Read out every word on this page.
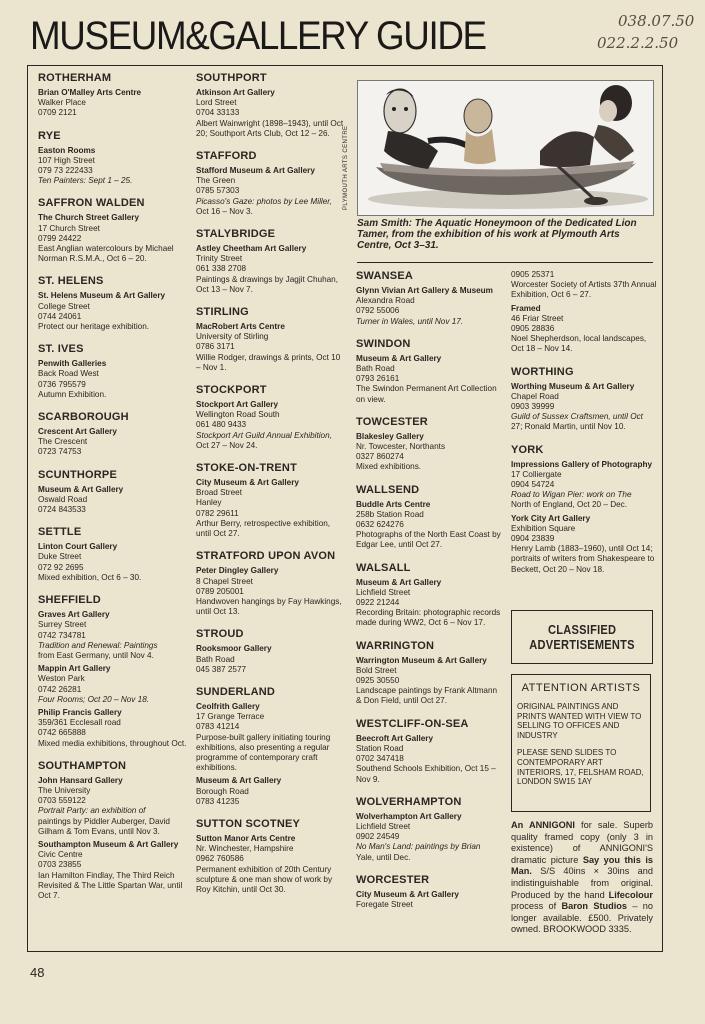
MUSEUM&GALLERY GUIDE	038.07.50
022.2.2.50
ROTHERHAM
Brian O'Malley Arts Centre
Walker Place
0709 2121
RYE
Easton Rooms
107 High Street
079 73 222433
Ten Painters: Sept 1 – 25.
SAFFRON WALDEN
The Church Street Gallery
17 Church Street
0799 24422
East Anglian watercolours by Michael Norman R.S.M.A., Oct 6 – 20.
ST. HELENS
St. Helens Museum & Art Gallery
College Street
0744 24061
Protect our heritage exhibition.
ST. IVES
Penwith Galleries
Back Road West
0736 795579
Autumn Exhibition.
SCARBOROUGH
Crescent Art Gallery
The Crescent
0723 74753
SCUNTHORPE
Museum & Art Gallery
Oswald Road
0724 843533
SETTLE
Linton Court Gallery
Duke Street
072 92 2695
Mixed exhibition, Oct 6 – 30.
SHEFFIELD
Graves Art Gallery
Surrey Street
0742 734781
Tradition and Renewal: Paintings
from East Germany, until Nov 4.
Mappin Art Gallery
Weston Park
0742 26281
Four Rooms; Oct 20 – Nov 18.
Philip Francis Gallery
359/361 Ecclesall road
0742 665888
Mixed media exhibitions, throughout Oct.
SOUTHAMPTON
John Hansard Gallery
The University
0703 559122
Portrait Party: an exhibition of
paintings by Piddler Auberger, David Gilham & Tom Evans, until Nov 3.
Southampton Museum & Art Gallery
Civic Centre
0703 23855
Ian Hamilton Findlay, The Third Reich Revisited & The Little Spartan War, until Oct 7.
SOUTHPORT
Atkinson Art Gallery
Lord Street
0704 33133
Albert Wainwright (1898–1943), until Oct 20; Southport Arts Club, Oct 12 – 26.
STAFFORD
Stafford Museum & Art Gallery
The Green
0785 57303
Picasso's Gaze: photos by Lee Miller,
Oct 16 – Nov 3.
STALYBRIDGE
Astley Cheetham Art Gallery
Trinity Street
061 338 2708
Paintings & drawings by Jagjit Chuhan, Oct 13 – Nov 7.
STIRLING
MacRobert Arts Centre
University of Stirling
0786 3171
Willie Rodger, drawings & prints, Oct 10 – Nov 1.
STOCKPORT
Stockport Art Gallery
Wellington Road South
061 480 9433
Stockport Art Guild Annual Exhibition,
Oct 27 – Nov 24.
STOKE-ON-TRENT
City Museum & Art Gallery
Broad Street
Hanley
0782 29611
Arthur Berry, retrospective exhibition, until Oct 27.
STRATFORD UPON AVON
Peter Dingley Gallery
8 Chapel Street
0789 205001
Handwoven hangings by Fay Hawkings, until Oct 13.
STROUD
Rooksmoor Gallery
Bath Road
045 387 2577
SUNDERLAND
Ceolfrith Gallery
17 Grange Terrace
0783 41214
Purpose-built gallery initiating touring exhibitions, also presenting a regular programme of contemporary craft exhibitions.
Museum & Art Gallery
Borough Road
0783 41235
SUTTON SCOTNEY
Sutton Manor Arts Centre
Nr. Winchester, Hampshire
0962 760586
Permanent exhibition of 20th Century sculpture & one man show of work by Roy Kitchin, until Oct 30.
PLYMOUTH ARTS CENTRE
Sam Smith: The Aquatic Honeymoon of the Dedicated Lion Tamer, from the exhibition of his work at Plymouth Arts Centre, Oct 3–31.
SWANSEA
Glynn Vivian Art Gallery & Museum
Alexandra Road
0792 55006
Turner in Wales, until Nov 17.
SWINDON
Museum & Art Gallery
Bath Road
0793 26161
The Swindon Permanent Art Collection on view.
TOWCESTER
Blakesley Gallery
Nr. Towcester, Northants
0327 860274
Mixed exhibitions.
WALLSEND
Buddle Arts Centre
258b Station Road
0632 624276
Photographs of the North East Coast by Edgar Lee, until Oct 27.
WALSALL
Museum & Art Gallery
Lichfield Street
0922 21244
Recording Britain: photographic records made during WW2, Oct 6 – Nov 17.
WARRINGTON
Warrington Museum & Art Gallery
Bold Street
0925 30550
Landscape paintings by Frank Altmann & Don Field, until Oct 27.
WESTCLIFF-ON-SEA
Beecroft Art Gallery
Station Road
0702 347418
Southend Schools Exhibition, Oct 15 – Nov 9.
WOLVERHAMPTON
Wolverhampton Art Gallery
Lichfield Street
0902 24549
No Man's Land: paintings by Brian
Yale, until Dec.
WORCESTER
City Museum & Art Gallery
Foregate Street
0905 25371
Worcester Society of Artists 37th Annual Exhibition, Oct 6 – 27.
Framed
46 Friar Street
0905 28836
Noel Shepherdson, local landscapes, Oct 18 – Nov 14.
WORTHING
Worthing Museum & Art Gallery
Chapel Road
0903 39999
Guild of Sussex Craftsmen, until Oct
27; Ronald Martin, until Nov 10.
YORK
Impressions Gallery of Photography
17 Colliergate
0904 54724
Road to Wigan Pier: work on The
North of England, Oct 20 – Dec.
York City Art Gallery
Exhibition Square
0904 23839
Henry Lamb (1883–1960), until Oct 14; portraits of writers from Shakespeare to Beckett, Oct 20 – Nov 18.
CLASSIFIED
ADVERTISEMENTS
ATTENTION ARTISTS
ORIGINAL PAINTINGS AND PRINTS WANTED WITH VIEW TO SELLING TO OFFICES AND INDUSTRY
PLEASE SEND SLIDES TO CONTEMPORARY ART INTERIORS, 17, FELSHAM ROAD, LONDON SW15 1AY
An ANNIGONI for sale. Superb quality framed copy (only 3 in existence) of ANNIGONI'S dramatic picture Say you this is Man. S/S 40ins × 30ins and indistinguishable from original. Produced by the hand Lifecolour process of Baron Studios – no longer available. £500. Privately owned. BROOKWOOD 3335.
48
